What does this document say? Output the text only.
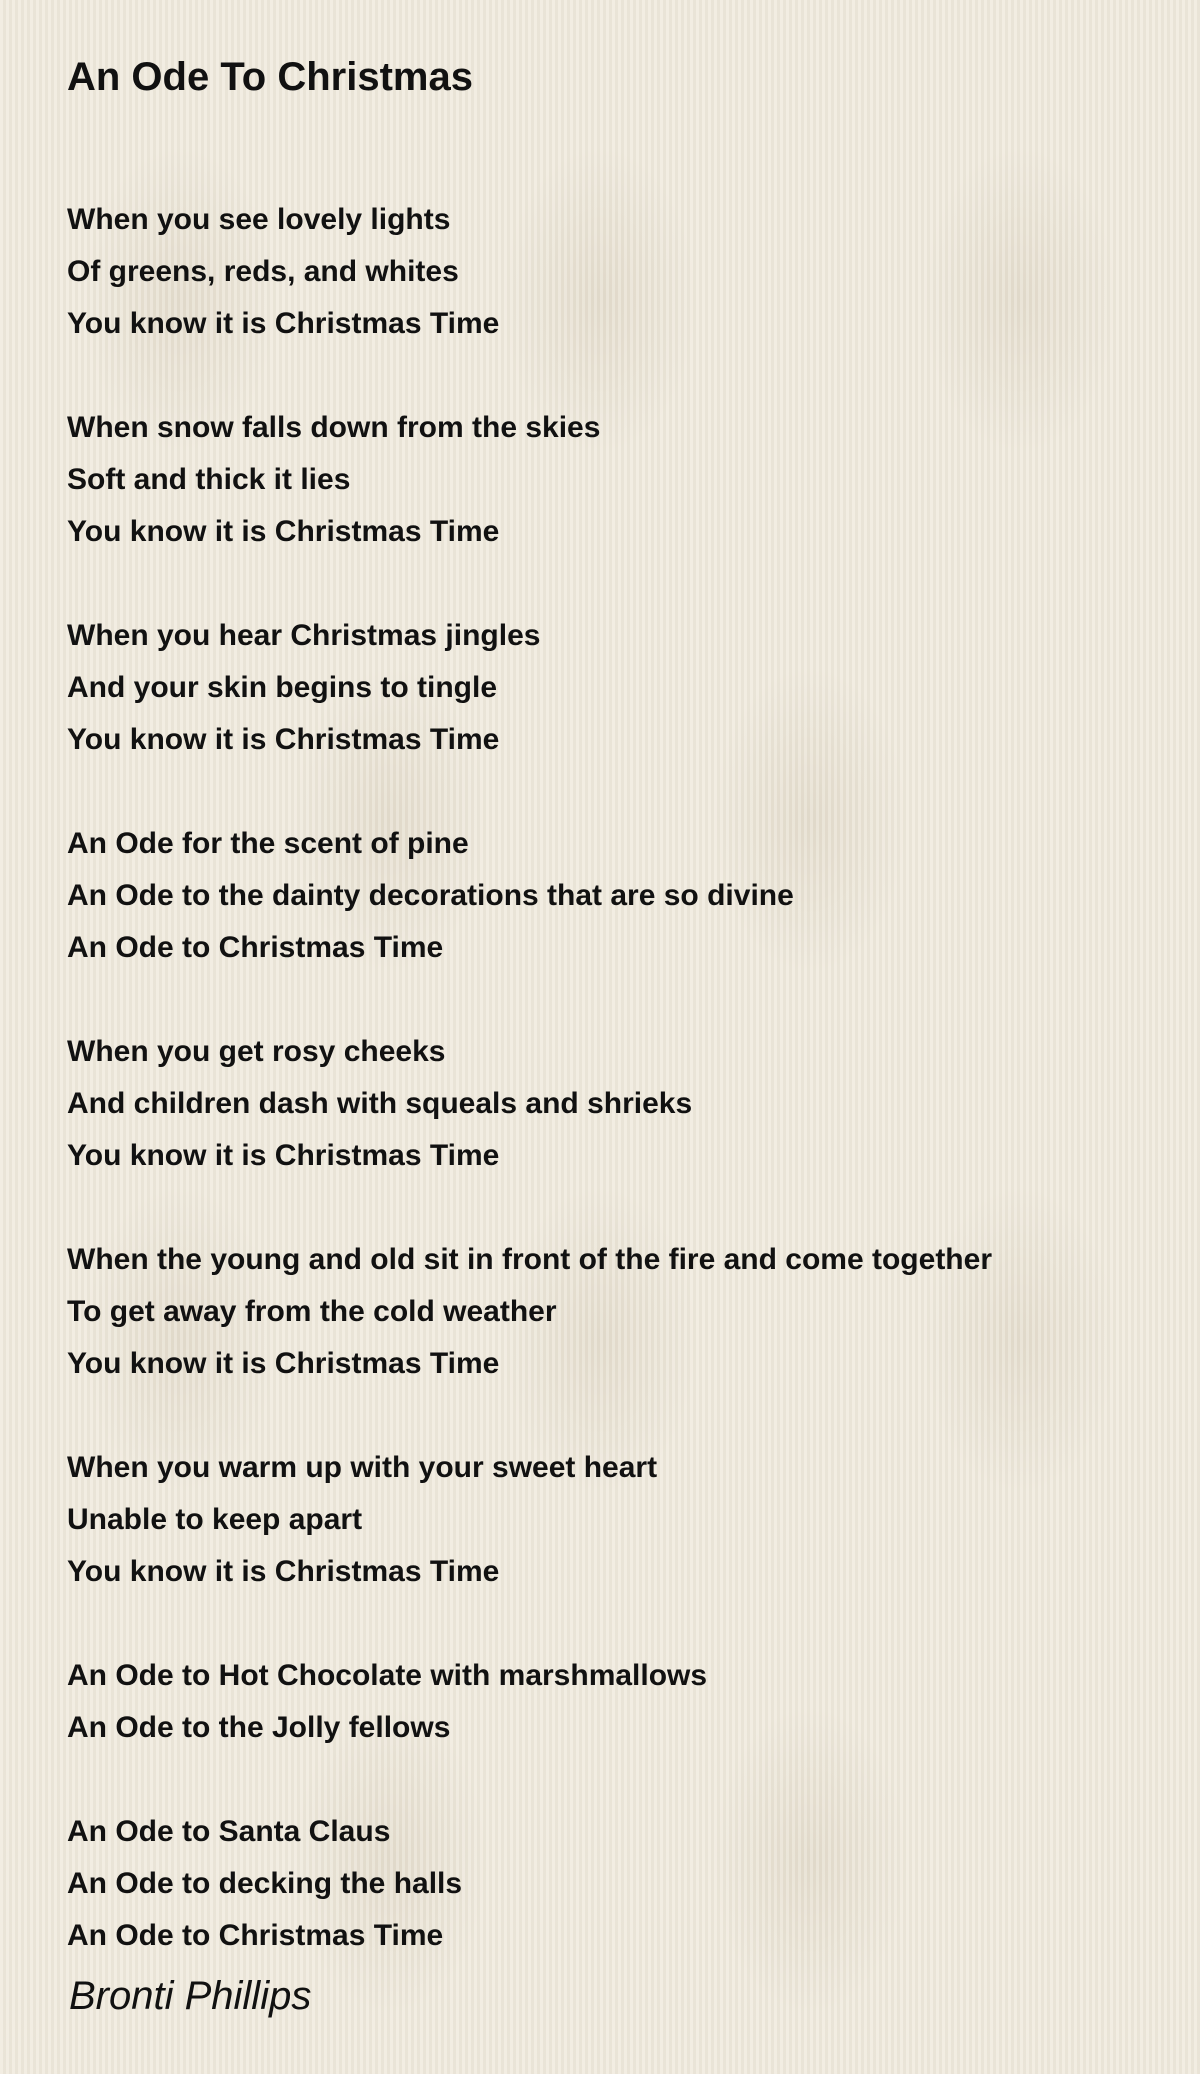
An Ode To Christmas
When you see lovely lights
Of greens, reds, and whites
You know it is Christmas Time
When snow falls down from the skies
Soft and thick it lies
You know it is Christmas Time
When you hear Christmas jingles
And your skin begins to tingle
You know it is Christmas Time
An Ode for the scent of pine
An Ode to the dainty decorations that are so divine
An Ode to Christmas Time
When you get rosy cheeks
And children dash with squeals and shrieks
You know it is Christmas Time
When the young and old sit in front of the fire and come together
To get away from the cold weather
You know it is Christmas Time
When you warm up with your sweet heart
Unable to keep apart
You know it is Christmas Time
An Ode to Hot Chocolate with marshmallows
An Ode to the Jolly fellows
An Ode to Santa Claus
An Ode to decking the halls
An Ode to Christmas Time
Bronti Phillips
